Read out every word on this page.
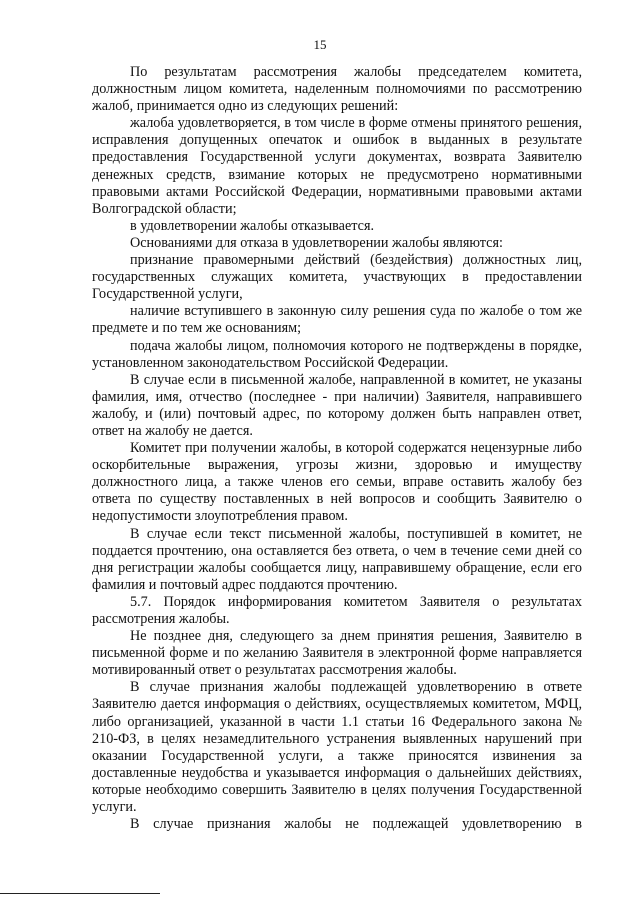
15

По результатам рассмотрения жалобы председателем комитета, должностным лицом комитета, наделенным полномочиями по рассмотрению жалоб, принимается одно из следующих решений:

жалоба удовлетворяется, в том числе в форме отмены принятого решения, исправления допущенных опечаток и ошибок в выданных в результате предоставления Государственной услуги документах, возврата Заявителю денежных средств, взимание которых не предусмотрено нормативными правовыми актами Российской Федерации, нормативными правовыми актами Волгоградской области;

в удовлетворении жалобы отказывается.

Основаниями для отказа в удовлетворении жалобы являются:

признание правомерными действий (бездействия) должностных лиц, государственных служащих комитета, участвующих в предоставлении Государственной услуги,

наличие вступившего в законную силу решения суда по жалобе о том же предмете и по тем же основаниям;

подача жалобы лицом, полномочия которого не подтверждены в порядке, установленном законодательством Российской Федерации.

В случае если в письменной жалобе, направленной в комитет, не указаны фамилия, имя, отчество (последнее - при наличии) Заявителя, направившего жалобу, и (или) почтовый адрес, по которому должен быть направлен ответ, ответ на жалобу не дается.

Комитет при получении жалобы, в которой содержатся нецензурные либо оскорбительные выражения, угрозы жизни, здоровью и имуществу должностного лица, а также членов его семьи, вправе оставить жалобу без ответа по существу поставленных в ней вопросов и сообщить Заявителю о недопустимости злоупотребления правом.

В случае если текст письменной жалобы, поступившей в комитет, не поддается прочтению, она оставляется без ответа, о чем в течение семи дней со дня регистрации жалобы сообщается лицу, направившему обращение, если его фамилия и почтовый адрес поддаются прочтению.

5.7. Порядок информирования комитетом Заявителя о результатах рассмотрения жалобы.

Не позднее дня, следующего за днем принятия решения, Заявителю в письменной форме и по желанию Заявителя в электронной форме направляется мотивированный ответ о результатах рассмотрения жалобы.

В случае признания жалобы подлежащей удовлетворению в ответе Заявителю дается информация о действиях, осуществляемых комитетом, МФЦ, либо организацией, указанной в части 1.1 статьи 16 Федерального закона № 210-ФЗ, в целях незамедлительного устранения выявленных нарушений при оказании Государственной услуги, а также приносятся извинения за доставленные неудобства и указывается информация о дальнейших действиях, которые необходимо совершить Заявителю в целях получения Государственной услуги.

В случае признания жалобы не подлежащей удовлетворению в
